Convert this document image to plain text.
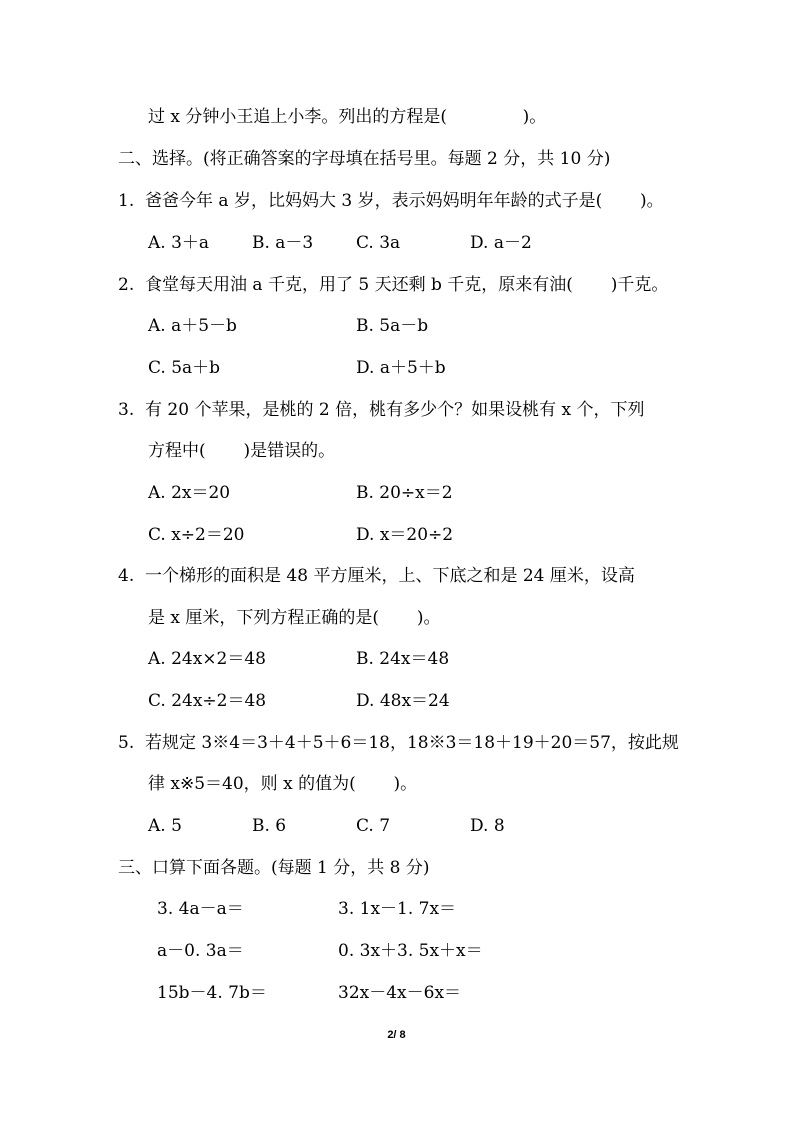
过 x 分钟小王追上小李。列出的方程是(              )。
二、选择。(将正确答案的字母填在括号里。每题 2 分，共 10 分)
1.  爸爸今年 a 岁，比妈妈大 3 岁，表示妈妈明年年龄的式子是(       )。
A. 3＋a	B. a－3	C. 3a	D. a－2
2.  食堂每天用油 a 千克，用了 5 天还剩 b 千克，原来有油(       )千克。
A. a＋5－b	B. 5a－b
C. 5a＋b	D. a＋5＋b
3.  有 20 个苹果，是桃的 2 倍，桃有多少个？如果设桃有 x 个，下列
方程中(       )是错误的。
A. 2x＝20	B. 20÷x＝2
C. x÷2＝20	D. x＝20÷2
4.  一个梯形的面积是 48 平方厘米，上、下底之和是 24 厘米，设高
是 x 厘米，下列方程正确的是(       )。
A. 24x×2＝48	B. 24x＝48
C. 24x÷2＝48	D. 48x＝24
5.  若规定 3※4＝3＋4＋5＋6＝18，18※3＝18＋19＋20＝57，按此规
律 x※5＝40，则 x 的值为(       )。
A. 5	B. 6	C. 7	D. 8
三、口算下面各题。(每题 1 分，共 8 分)
3. 4a－a＝	3. 1x－1. 7x＝
a－0. 3a＝	0. 3x＋3. 5x＋x＝
15b－4. 7b＝	32x－4x－6x＝
2/ 8
